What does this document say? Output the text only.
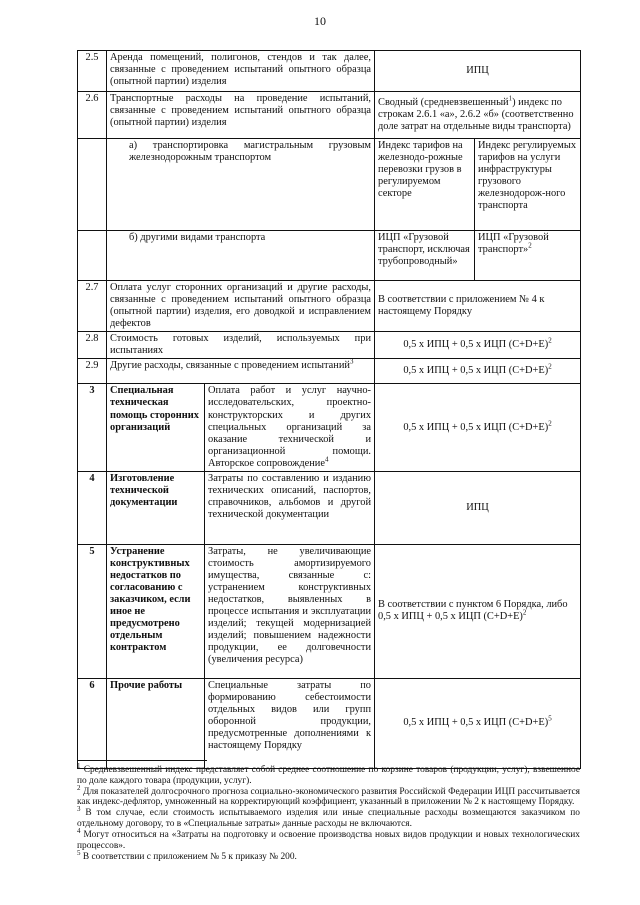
10
2.5	Аренда помещений, полигонов, стендов и так далее, связанные с проведением испытаний опытного образца (опытной партии) изделия		ИПЦ	
2.6	Транспортные расходы на проведение испытаний, связанные с проведением испытаний опытного образца (опытной партии) изделия		Сводный (средневзвешенный$^1$) индекс по строкам 2.6.1 «а», 2.6.2 «б» (соответственно доле затрат на отдельные виды транспорта)	
	а) транспортировка магистральным грузовым железнодорожным транспортом		Индекс тарифов на железнодо-рожные перевозки грузов в регулируемом секторе	Индекс регулируемых тарифов на услуги инфраструктуры грузового железнодорож-ного транспорта
	б) другими видами транспорта		ИЦП «Грузовой транспорт, исключая трубопроводный»	ИЦП «Грузовой транспорт»$^2$
2.7	Оплата услуг сторонних организаций и другие расходы, связанные с проведением испытаний опытного образца (опытной партии) изделия, его доводкой и исправлением дефектов		В соответствии с приложением № 4 к настоящему Порядку	
2.8	Стоимость готовых изделий, используемых при испытаниях		0,5 x ИПЦ + 0,5 x ИЦП $(С+D+Е)^2$
2.9	Другие расходы, связанные с проведением испытаний$^3$		0,5 x ИПЦ + 0,5 x ИЦП $(С+D+Е)^2$
3	Специальная техническая помощь сторонних организаций	Оплата работ и услуг научно-исследовательских, проектно-конструкторских и других специальных организаций за оказание технической и организационной помощи. Авторское сопровождение$^4$	0,5 x ИПЦ + 0,5 x ИЦП $(С+D+Е)^2$
4	Изготовление технической документации	Затраты по составлению и изданию технических описаний, паспортов, справочников, альбомов и другой технической документации	ИПЦ	
5	Устранение конструктивных недостатков по согласованию с заказчиком, если иное не предусмотрено отдельным контрактом	Затраты, не увеличивающие стоимость амортизируемого имущества, связанные с: устранением конструктивных недостатков, выявленных в процессе испытания и эксплуатации изделий; текущей модернизацией изделий; повышением надежности продукции, ее долговечности (увеличения ресурса)	В соответствии с пунктом 6 Порядка, либо
0,5 x ИПЦ + 0,5 x ИЦП $(С+D+Е)^2$

6	Прочие работы	Специальные затраты по формированию себестоимости отдельных видов или групп оборонной продукции, предусмотренные дополнениями к настоящему Порядку	0,5 x ИПЦ + 0,5 x ИЦП $(С+D+Е)^5$

$^1$ Средневзвешенный индекс представляет собой среднее соотношение по корзине товаров (продукции, услуг), взвешенное по доле каждого товара (продукции, услуг).

$^2$ Для показателей долгосрочного прогноза социально-экономического развития Российской Федерации ИЦП рассчитывается как индекс-дефлятор, умноженный на корректирующий коэффициент, указанный в приложении № 2 к настоящему Порядку.

$^3$ В том случае, если стоимость испытываемого изделия или иные специальные расходы возмещаются заказчиком по отдельному договору, то в «Специальные затраты» данные расходы не включаются.

$^4$ Могут относиться на «Затраты на подготовку и освоение производства новых видов продукции и новых технологических процессов».

$^5$ В соответствии с приложением № 5 к приказу № 200.
